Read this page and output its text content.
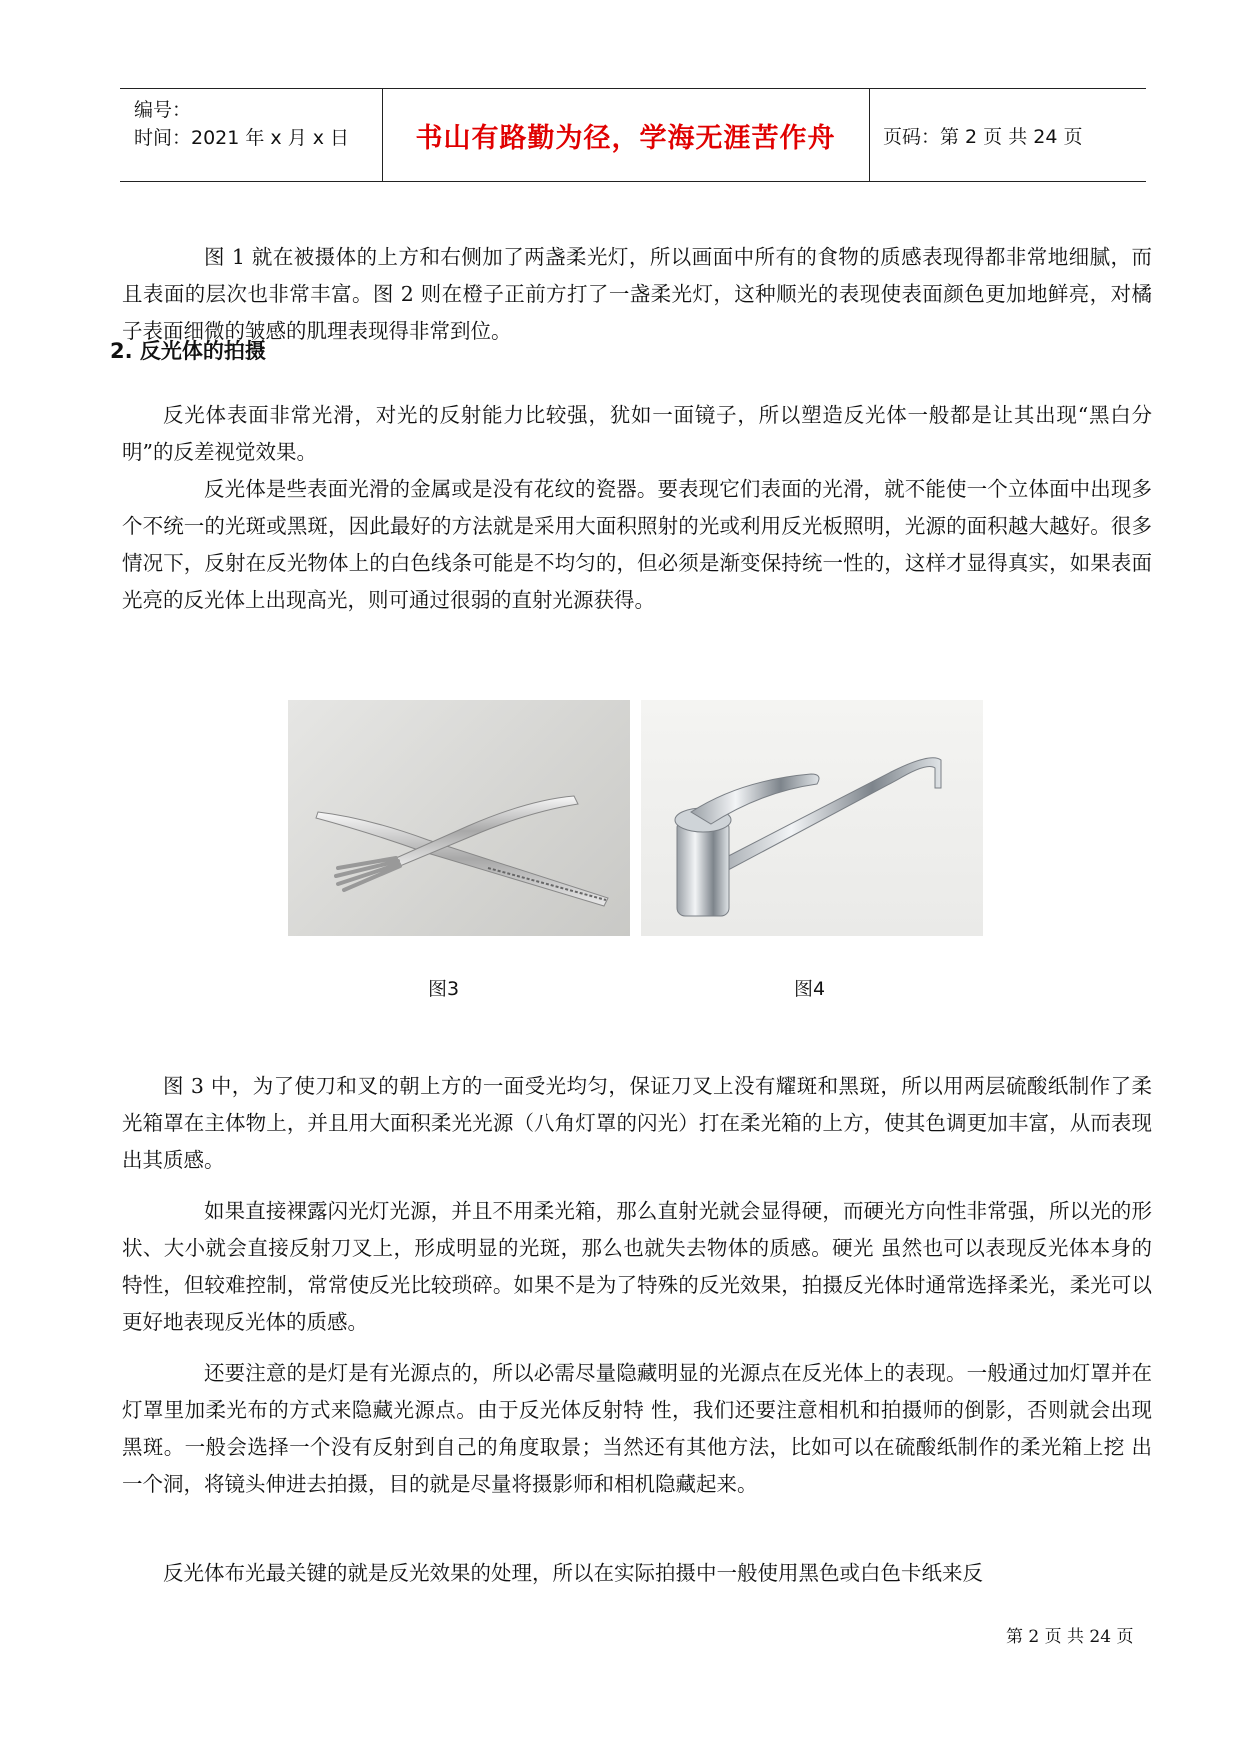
编号：
时间：2021 年 x 月 x 日 书山有路勤为径，学海无涯苦作舟	页码：第 2 页 共 24 页

图 1 就在被摄体的上方和右侧加了两盏柔光灯，所以画面中所有的食物的质感表现得都非常地细腻，而且表面的层次也非常丰富。图 2 则在橙子正前方打了一盏柔光灯，这种顺光的表现使表面颜色更加地鲜亮，对橘子表面细微的皱感的肌理表现得非常到位。

2. 反光体的拍摄

反光体表面非常光滑，对光的反射能力比较强，犹如一面镜子，所以塑造反光体一般都是让其出现“黑白分明”的反差视觉效果。

反光体是些表面光滑的金属或是没有花纹的瓷器。要表现它们表面的光滑，就不能使一个立体面中出现多个不统一的光斑或黑斑，因此最好的方法就是采用大面积照射的光或利用反光板照明，光源的面积越大越好。很多情况下，反射在反光物体上的白色线条可能是不均匀的，但必须是渐变保持统一性的，这样才显得真实，如果表面光亮的反光体上出现高光，则可通过很弱的直射光源获得。

图3	图4

图 3 中，为了使刀和叉的朝上方的一面受光均匀，保证刀叉上没有耀斑和黑斑，所以用两层硫酸纸制作了柔光箱罩在主体物上，并且用大面积柔光光源（八角灯罩的闪光）打在柔光箱的上方，使其色调更加丰富，从而表现出其质感。

如果直接裸露闪光灯光源，并且不用柔光箱，那么直射光就会显得硬，而硬光方向性非常强，所以光的形状、大小就会直接反射刀叉上，形成明显的光斑，那么也就失去物体的质感。硬光 虽然也可以表现反光体本身的特性，但较难控制，常常使反光比较琐碎。如果不是为了特殊的反光效果，拍摄反光体时通常选择柔光，柔光可以更好地表现反光体的质感。

还要注意的是灯是有光源点的，所以必需尽量隐藏明显的光源点在反光体上的表现。一般通过加灯罩并在灯罩里加柔光布的方式来隐藏光源点。由于反光体反射特 性，我们还要注意相机和拍摄师的倒影，否则就会出现黑斑。一般会选择一个没有反射到自己的角度取景；当然还有其他方法，比如可以在硫酸纸制作的柔光箱上挖 出一个洞，将镜头伸进去拍摄，目的就是尽量将摄影师和相机隐藏起来。

反光体布光最关键的就是反光效果的处理，所以在实际拍摄中一般使用黑色或白色卡纸来反

第 2 页 共 24 页
